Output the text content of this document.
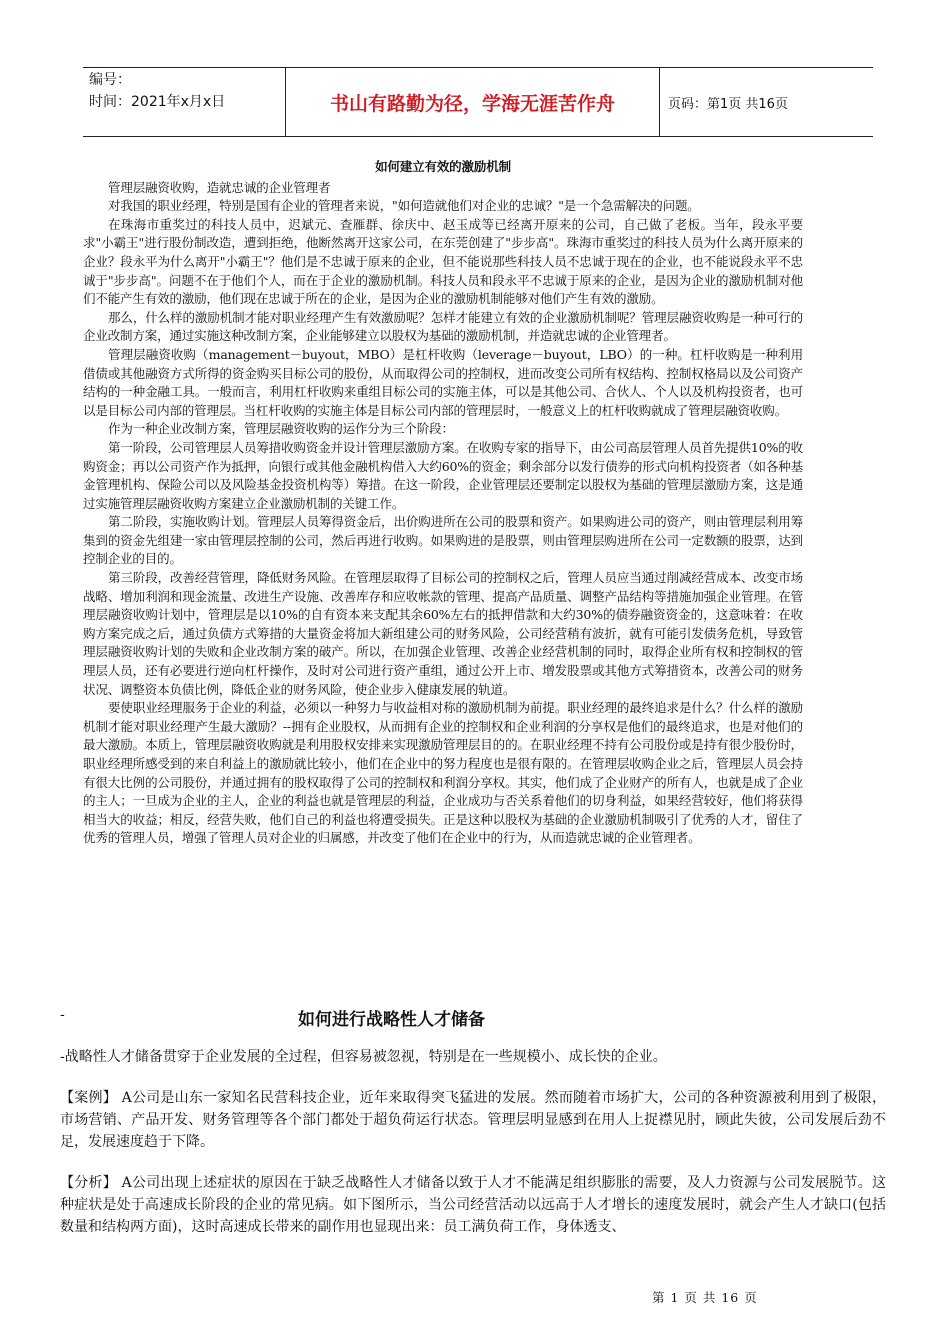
编号：
时间：2021年x月x日	书山有路勤为径，学海无涯苦作舟	页码：第1页 共16页
如何建立有效的激励机制

管理层融资收购，造就忠诚的企业管理者

对我国的职业经理，特别是国有企业的管理者来说，"如何造就他们对企业的忠诚？"是一个急需解决的问题。

在珠海市重奖过的科技人员中，迟斌元、查雁群、徐庆中、赵玉成等已经离开原来的公司，自己做了老板。当年，段永平要求"小霸王"进行股份制改造，遭到拒绝，他断然离开这家公司，在东莞创建了"步步高"。珠海市重奖过的科技人员为什么离开原来的企业？段永平为什么离开"小霸王"？他们是不忠诚于原来的企业，但不能说那些科技人员不忠诚于现在的企业，也不能说段永平不忠诚于"步步高"。问题不在于他们个人，而在于企业的激励机制。科技人员和段永平不忠诚于原来的企业，是因为企业的激励机制对他们不能产生有效的激励，他们现在忠诚于所在的企业，是因为企业的激励机制能够对他们产生有效的激励。

那么，什么样的激励机制才能对职业经理产生有效激励呢？怎样才能建立有效的企业激励机制呢？管理层融资收购是一种可行的企业改制方案，通过实施这种改制方案，企业能够建立以股权为基础的激励机制，并造就忠诚的企业管理者。

管理层融资收购（management－buyout，MBO）是杠杆收购（leverage－buyout，LBO）的一种。杠杆收购是一种利用借债或其他融资方式所得的资金购买目标公司的股份，从而取得公司的控制权，进而改变公司所有权结构、控制权格局以及公司资产结构的一种金融工具。一般而言，利用杠杆收购来重组目标公司的实施主体，可以是其他公司、合伙人、个人以及机构投资者，也可以是目标公司内部的管理层。当杠杆收购的实施主体是目标公司内部的管理层时，一般意义上的杠杆收购就成了管理层融资收购。

作为一种企业改制方案，管理层融资收购的运作分为三个阶段：

第一阶段，公司管理层人员筹措收购资金并设计管理层激励方案。在收购专家的指导下，由公司高层管理人员首先提供10%的收购资金；再以公司资产作为抵押，向银行或其他金融机构借入大约60%的资金；剩余部分以发行债券的形式向机构投资者（如各种基金管理机构、保险公司以及风险基金投资机构等）筹措。在这一阶段，企业管理层还要制定以股权为基础的管理层激励方案，这是通过实施管理层融资收购方案建立企业激励机制的关键工作。

第二阶段，实施收购计划。管理层人员筹得资金后，出价购进所在公司的股票和资产。如果购进公司的资产，则由管理层利用筹集到的资金先组建一家由管理层控制的公司，然后再进行收购。如果购进的是股票，则由管理层购进所在公司一定数额的股票，达到控制企业的目的。

第三阶段，改善经营管理，降低财务风险。在管理层取得了目标公司的控制权之后，管理人员应当通过削减经营成本、改变市场战略、增加利润和现金流量、改进生产设施、改善库存和应收帐款的管理、提高产品质量、调整产品结构等措施加强企业管理。在管理层融资收购计划中，管理层是以10%的自有资本来支配其余60%左右的抵押借款和大约30%的债券融资资金的，这意味着：在收购方案完成之后，通过负债方式筹措的大量资金将加大新组建公司的财务风险，公司经营稍有波折，就有可能引发债务危机，导致管理层融资收购计划的失败和企业改制方案的破产。所以，在加强企业管理、改善企业经营机制的同时，取得企业所有权和控制权的管理层人员，还有必要进行逆向杠杆操作，及时对公司进行资产重组，通过公开上市、增发股票或其他方式筹措资本，改善公司的财务状况、调整资本负债比例，降低企业的财务风险，使企业步入健康发展的轨道。

要使职业经理服务于企业的利益，必须以一种努力与收益相对称的激励机制为前提。职业经理的最终追求是什么？什么样的激励机制才能对职业经理产生最大激励？--拥有企业股权，从而拥有企业的控制权和企业利润的分享权是他们的最终追求，也是对他们的最大激励。本质上，管理层融资收购就是利用股权安排来实现激励管理层目的的。在职业经理不持有公司股份或是持有很少股份时，职业经理所感受到的来自利益上的激励就比较小，他们在企业中的努力程度也是很有限的。在管理层收购企业之后，管理层人员会持有很大比例的公司股份，并通过拥有的股权取得了公司的控制权和利润分享权。其实，他们成了企业财产的所有人，也就是成了企业的主人；一旦成为企业的主人，企业的利益也就是管理层的利益，企业成功与否关系着他们的切身利益，如果经营较好，他们将获得相当大的收益；相反，经营失败，他们自己的利益也将遭受损失。正是这种以股权为基础的企业激励机制吸引了优秀的人才，留住了优秀的管理人员，增强了管理人员对企业的归属感，并改变了他们在企业中的行为，从而造就忠诚的企业管理者。

-	如何进行战略性人才储备

-战略性人才储备贯穿于企业发展的全过程，但容易被忽视，特别是在一些规模小、成长快的企业。

【案例】 A公司是山东一家知名民营科技企业，近年来取得突飞猛进的发展。然而随着市场扩大，公司的各种资源被利用到了极限，市场营销、产品开发、财务管理等各个部门都处于超负荷运行状态。管理层明显感到在用人上捉襟见肘，顾此失彼，公司发展后劲不足，发展速度趋于下降。

【分析】 A公司出现上述症状的原因在于缺乏战略性人才储备以致于人才不能满足组织膨胀的需要，及人力资源与公司发展脱节。这种症状是处于高速成长阶段的企业的常见病。如下图所示，当公司经营活动以远高于人才增长的速度发展时，就会产生人才缺口(包括数量和结构两方面)，这时高速成长带来的副作用也显现出来：员工满负荷工作，身体透支、

第 1 页 共 16 页
